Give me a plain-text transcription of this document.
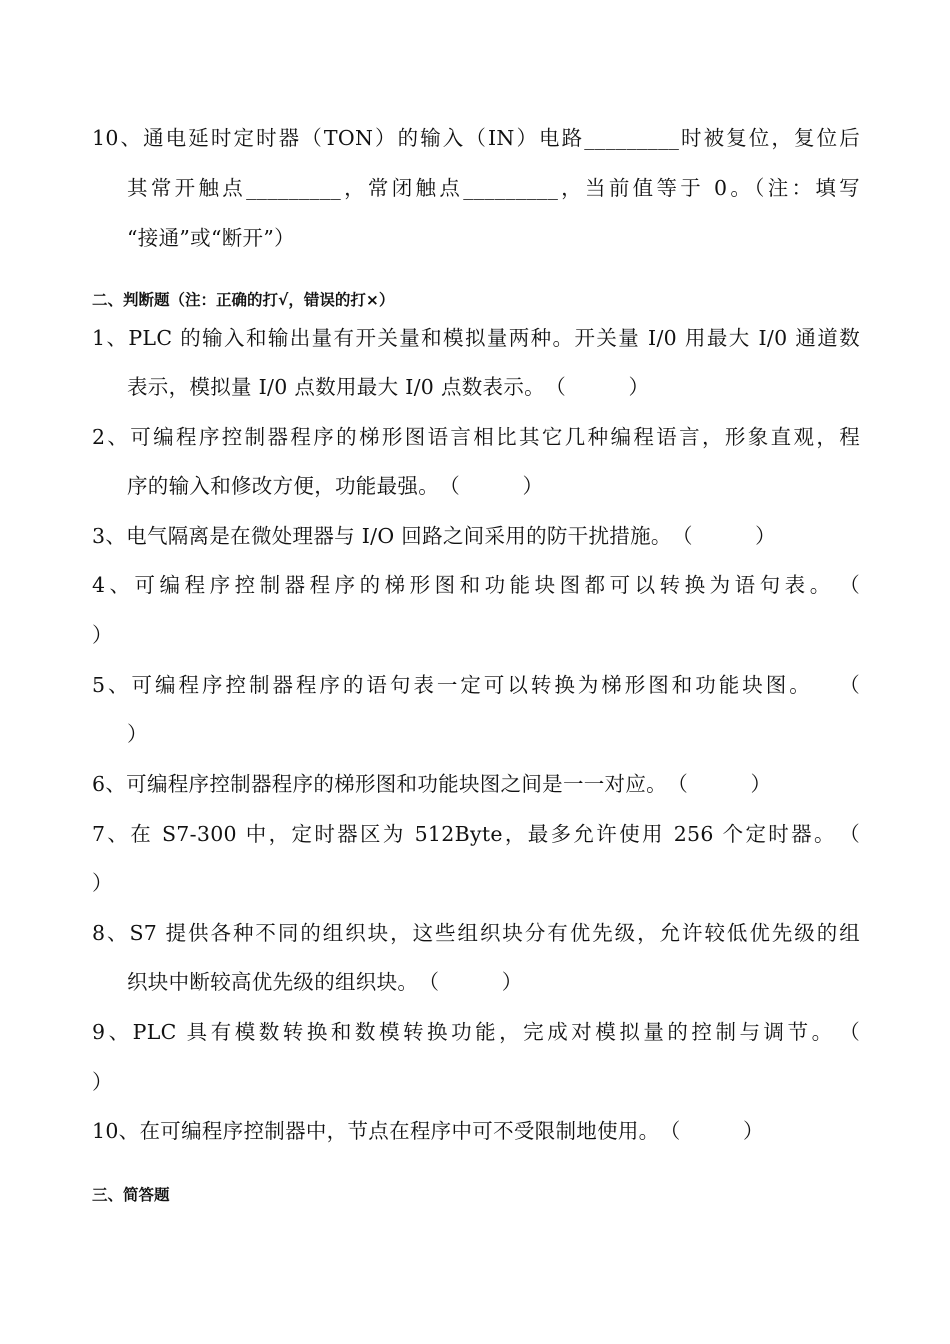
10、通电延时定时器（TON）的输入（IN）电路_________时被复位，复位后
其常开触点_________，常闭触点_________，当前值等于 0。（注：填写
“接通”或“断开”）
二、判断题（注：正确的打√，错误的打×）
1、PLC 的输入和输出量有开关量和模拟量两种。开关量 I/0 用最大 I/0 通道数
表示，模拟量 I/0 点数用最大 I/0 点数表示。　（　　　）
2、可编程序控制器程序的梯形图语言相比其它几种编程语言，形象直观，程
序的输入和修改方便，功能最强。　（　　　）
3、电气隔离是在微处理器与 I/O 回路之间采用的防干扰措施。　（　　　）
4、可编程序控制器程序的梯形图和功能块图都可以转换为语句表。　（
）
5、可编程序控制器程序的语句表一定可以转换为梯形图和功能块图。　　（
）
6、可编程序控制器程序的梯形图和功能块图之间是一一对应。　（　　　）
7、在 S7-300 中，定时器区为 512Byte，最多允许使用 256 个定时器。　（
）
8、S7 提供各种不同的组织块，这些组织块分有优先级，允许较低优先级的组
织块中断较高优先级的组织块。　（　　　）
9、PLC 具有模数转换和数模转换功能，完成对模拟量的控制与调节。　（
）
10、在可编程序控制器中，节点在程序中可不受限制地使用。　（　　　）
三、简答题
